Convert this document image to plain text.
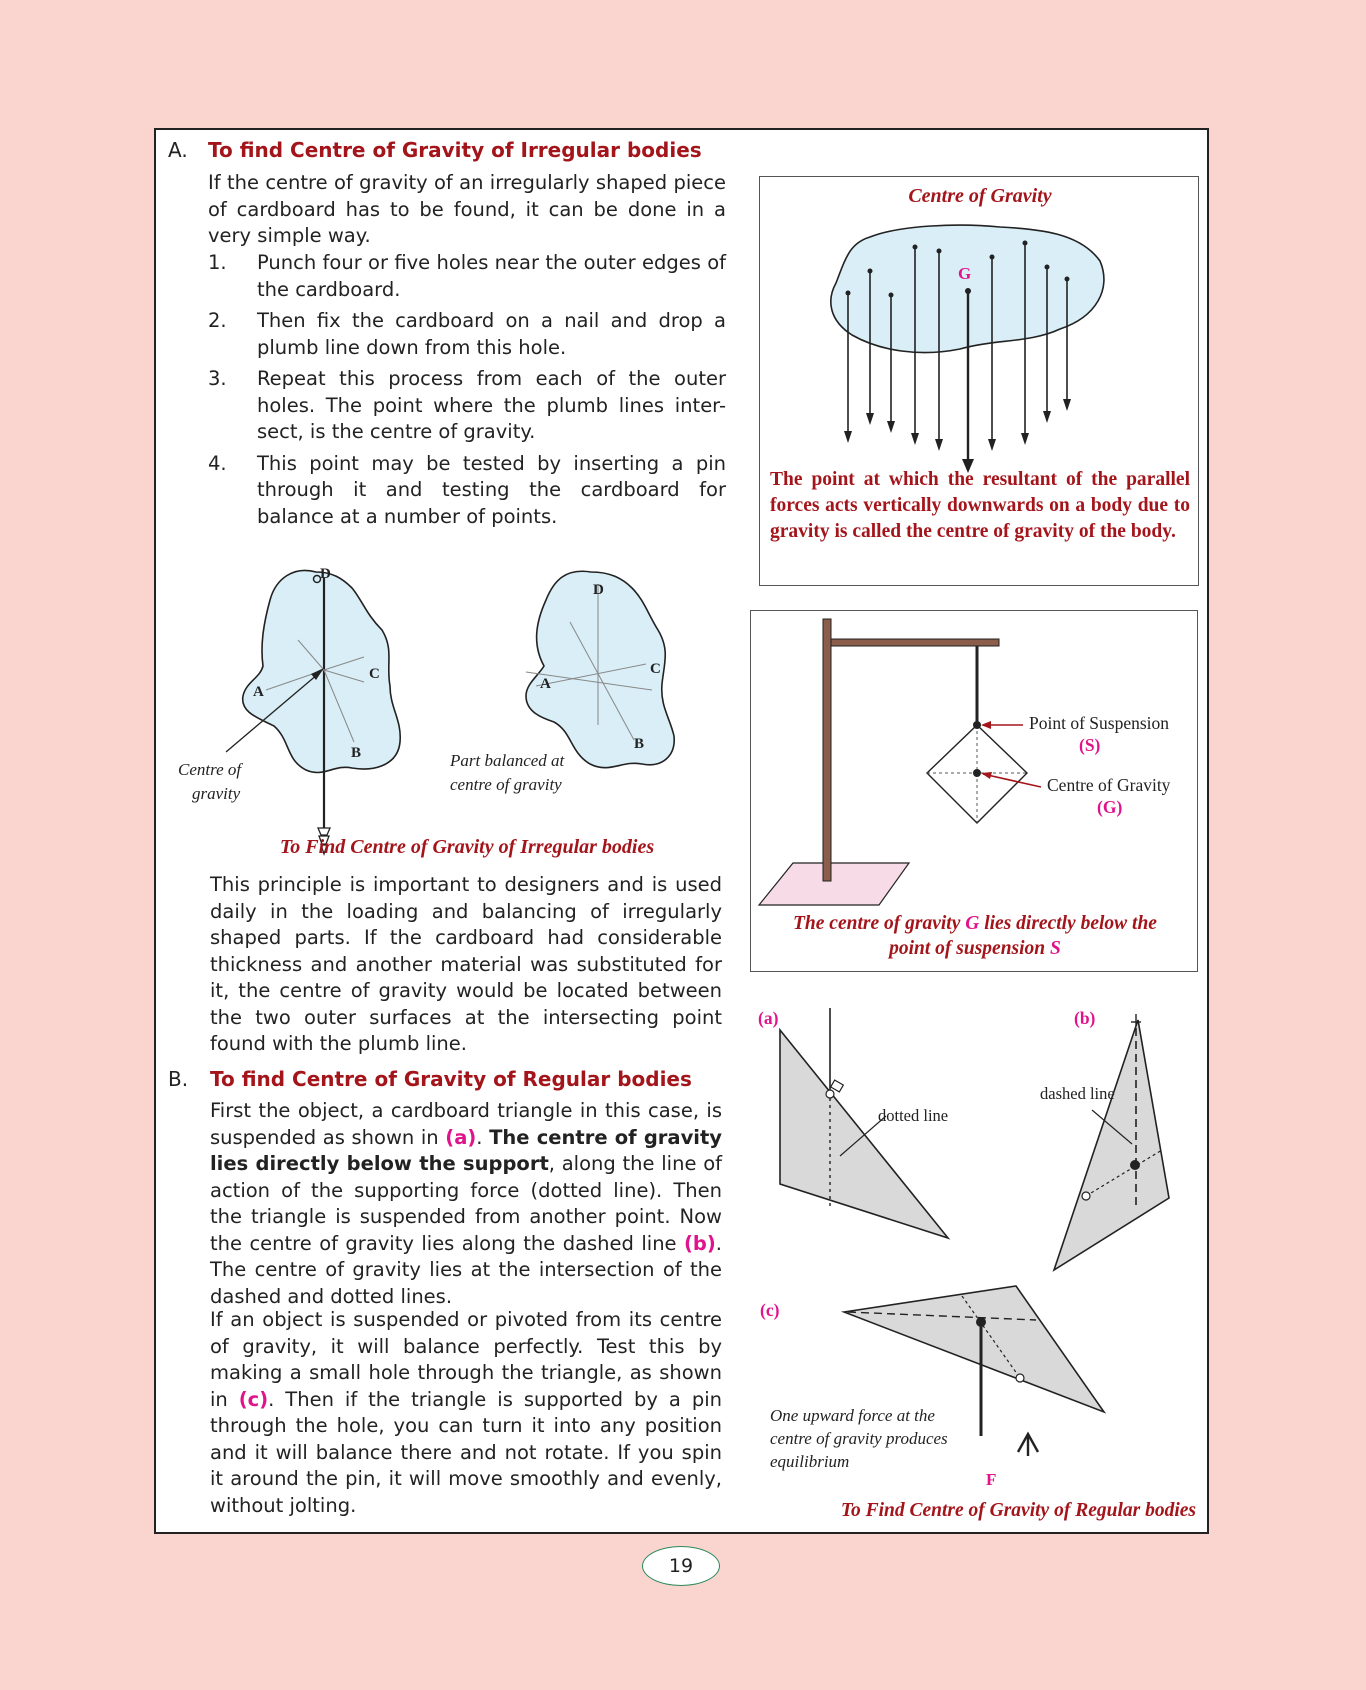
A. To find Centre of Gravity of Irregular bodies
If the centre of gravity of an irregularly shaped piece of cardboard has to be found, it can be done in a very simple way.
1.	Punch four or five holes near the outer edges of the cardboard.
2.	Then fix the cardboard on a nail and drop a plumb line down from this hole.
3.	Repeat this process from each of the outer holes. The point where the plumb lines inter-sect, is the centre of gravity.
4.	This point may be tested by inserting a pin through it and testing the cardboard for balance at a number of points.
D
A
C
B
Centre of
gravity
D
A
C
B
Part balanced at
centre of gravity
To Find Centre of Gravity of Irregular bodies
This principle is important to designers and is used daily in the loading and balancing of irregularly shaped parts. If the cardboard had considerable thickness and another material was substituted for it, the centre of gravity would be located between the two outer surfaces at the intersecting point found with the plumb line.
B. To find Centre of Gravity of Regular bodies
First the object, a cardboard triangle in this case, is suspended as shown in (a). The centre of gravity lies directly below the support, along the line of action of the supporting force (dotted line). Then the triangle is suspended from another point. Now the centre of gravity lies along the dashed line (b). The centre of gravity lies at the intersection of the dashed and dotted lines.
If an object is suspended or pivoted from its centre of gravity, it will balance perfectly. Test this by making a small hole through the triangle, as shown in (c). Then if the triangle is supported by a pin through the hole, you can turn it into any position and it will balance there and not rotate. If you spin it around the pin, it will move smoothly and evenly, without jolting.
Centre of Gravity
G
The point at which the resultant of the parallel forces acts vertically downwards on a body due to gravity is called the centre of gravity of the body.
Point of Suspension
(S)
Centre of Gravity
(G)
The centre of gravity G lies directly below the
point of suspension S
(a)	(b)
(c)
dotted line
dashed line
One upward force at the
centre of gravity produces
equilibrium
F
To Find Centre of Gravity of Regular bodies
19
